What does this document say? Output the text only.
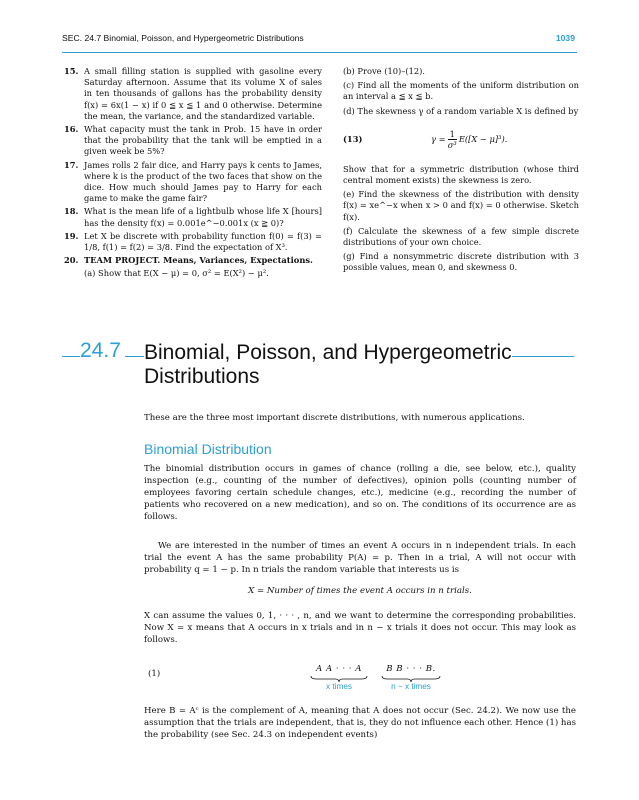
SEC. 24.7 Binomial, Poisson, and Hypergeometric Distributions	1039
15. A small filling station is supplied with gasoline every Saturday afternoon. Assume that its volume X of sales in ten thousands of gallons has the probability density f(x) = 6x(1 − x) if 0 ≦ x ≦ 1 and 0 otherwise. Determine the mean, the variance, and the standardized variable.
16. What capacity must the tank in Prob. 15 have in order that the probability that the tank will be emptied in a given week be 5%?
17. James rolls 2 fair dice, and Harry pays k cents to James, where k is the product of the two faces that show on the dice. How much should James pay to Harry for each game to make the game fair?
18. What is the mean life of a lightbulb whose life X [hours] has the density f(x) = 0.001e^−0.001x (x ≧ 0)?
19. Let X be discrete with probability function f(0) = f(3) = 1/8, f(1) = f(2) = 3/8. Find the expectation of X³.
20. TEAM PROJECT. Means, Variances, Expectations.
(a) Show that E(X − μ) = 0, σ² = E(X²) − μ².
(b) Prove (10)–(12).
(c) Find all the moments of the uniform distribution on an interval a ≦ x ≦ b.
(d) The skewness γ of a random variable X is defined by
(13)	$\gamma = \frac{1}{\text{σ³}} E([X - \mu]^3)$.
Show that for a symmetric distribution (whose third central moment exists) the skewness is zero.
(e) Find the skewness of the distribution with density f(x) = xe^−x when x > 0 and f(x) = 0 otherwise. Sketch f(x).
(f) Calculate the skewness of a few simple discrete distributions of your own choice.
(g) Find a nonsymmetric discrete distribution with 3 possible values, mean 0, and skewness 0.
24.7 Binomial, Poisson, and Hypergeometric Distributions
These are the three most important discrete distributions, with numerous applications.
Binomial Distribution
The binomial distribution occurs in games of chance (rolling a die, see below, etc.), quality inspection (e.g., counting of the number of defectives), opinion polls (counting number of employees favoring certain schedule changes, etc.), medicine (e.g., recording the number of patients who recovered on a new medication), and so on. The conditions of its occurrence are as follows.
We are interested in the number of times an event A occurs in n independent trials. In each trial the event A has the same probability P(A) = p. Then in a trial, A will not occur with probability q = 1 − p. In n trials the random variable that interests us is
X = Number of times the event A occurs in n trials.
X can assume the values 0, 1, · · · , n, and we want to determine the corresponding probabilities. Now X = x means that A occurs in x trials and in n − x trials it does not occur. This may look as follows.
(1)	A A · · · A
x times
B B · · · B.
n − x times
Here B = Aᶜ is the complement of A, meaning that A does not occur (Sec. 24.2). We now use the assumption that the trials are independent, that is, they do not influence each other. Hence (1) has the probability (see Sec. 24.3 on independent events)
